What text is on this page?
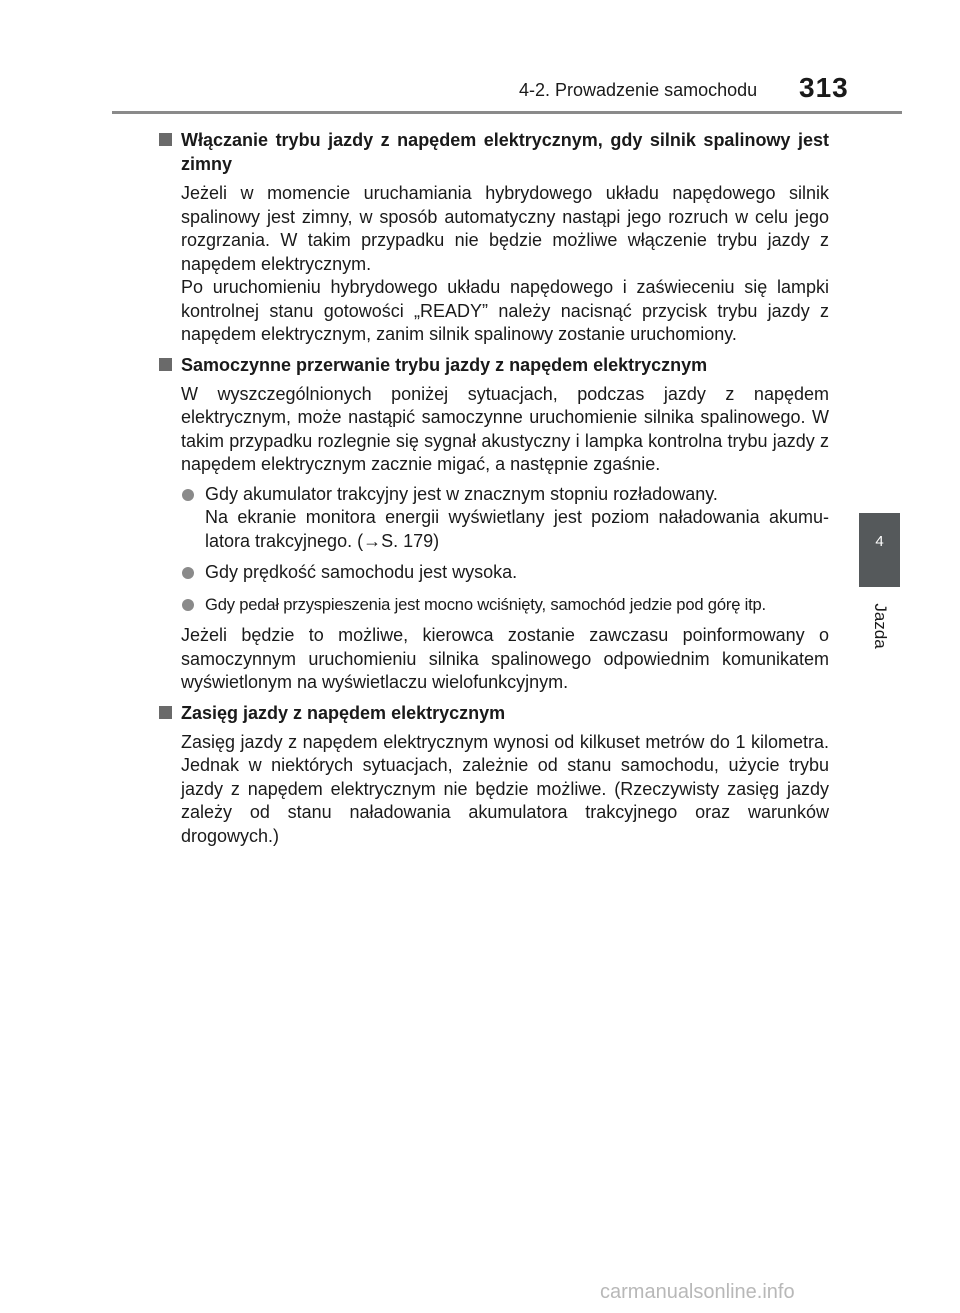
4-2. Prowadzenie samochodu 313
4
Jazda
Włączanie trybu jazdy z napędem elektrycznym, gdy silnik spalinowy jest zimny
Jeżeli w momencie uruchamiania hybrydowego układu napędowego silnik spalinowy jest zimny, w sposób automatyczny nastąpi jego rozruch w celu jego rozgrzania. W takim przypadku nie będzie możliwe włączenie trybu jazdy z napędem elektrycznym.
Po uruchomieniu hybrydowego układu napędowego i zaświeceniu się lampki kontrolnej stanu gotowości „READY” należy nacisnąć przycisk trybu jazdy z napędem elektrycznym, zanim silnik spalinowy zostanie uruchomiony.
Samoczynne przerwanie trybu jazdy z napędem elektrycznym
W wyszczególnionych poniżej sytuacjach, podczas jazdy z napędem elektrycznym, może nastąpić samoczynne uruchomienie silnika spalinowego. W takim przypadku rozlegnie się sygnał akustyczny i lampka kontrolna trybu jazdy z napędem elektrycznym zacznie migać, a następnie zgaśnie.
Gdy akumulator trakcyjny jest w znacznym stopniu rozładowany.
Na ekranie monitora energii wyświetlany jest poziom naładowania akumu-
latora trakcyjnego. (→S. 179)
Gdy prędkość samochodu jest wysoka.
Gdy pedał przyspieszenia jest mocno wciśnięty, samochód jedzie pod górę itp.
Jeżeli będzie to możliwe, kierowca zostanie zawczasu poinformowany o samoczynnym uruchomieniu silnika spalinowego odpowiednim komunikatem wyświetlonym na wyświetlaczu wielofunkcyjnym.
Zasięg jazdy z napędem elektrycznym
Zasięg jazdy z napędem elektrycznym wynosi od kilkuset metrów do 1 kilometra. Jednak w niektórych sytuacjach, zależnie od stanu samochodu, użycie trybu jazdy z napędem elektrycznym nie będzie możliwe. (Rzeczywisty zasięg jazdy zależy od stanu naładowania akumulatora trakcyjnego oraz warunków drogowych.)
carmanualsonline.info
